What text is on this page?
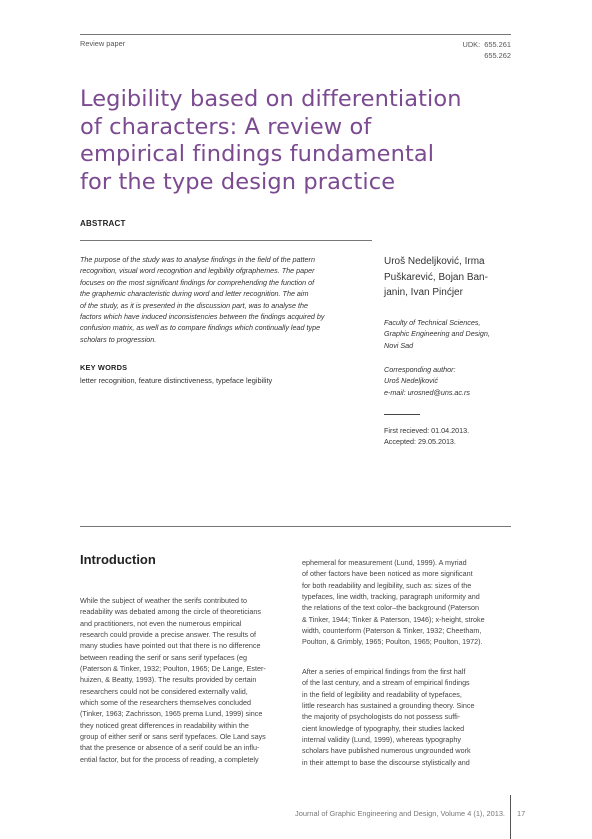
Review paper	UDK: 655.261
655.262
Legibility based on differentiation
of characters: A review of
empirical findings fundamental
for the type design practice
ABSTRACT
The purpose of the study was to analyse findings in the field of the pattern
recognition, visual word recognition and legibility ofgraphemes. The paper
focuses on the most significant findings for comprehending the function of
the graphemic characteristic during word and letter recognition. The aim
of the study, as it is presented in the discussion part, was to analyse the
factors which have induced inconsistencies between the findings acquired by
confusion matrix, as well as to compare findings which continually lead type
scholars to progression.
KEY WORDS
letter recognition, feature distinctiveness, typeface legibility
Uroš Nedeljković, Irma
Puškarević, Bojan Ban-
janin, Ivan Pinćjer
Faculty of Technical Sciences,
Graphic Engineering and Design,
Novi Sad
Corresponding author:
Uroš Nedeljković
e-mail: urosned@uns.ac.rs
First recieved: 01.04.2013.
Accepted: 29.05.2013.
Introduction
While the subject of weather the serifs contributed to
readability was debated among the circle of theoreticians
and practitioners, not even the numerous empirical
research could provide a precise answer. The results of
many studies have pointed out that there is no difference
between reading the serif or sans serif typefaces (eg
(Paterson & Tinker, 1932; Poulton, 1965; De Lange, Ester-
huizen, & Beatty, 1993). The results provided by certain
researchers could not be considered externally valid,
which some of the researchers themselves concluded
(Tinker, 1963; Zachrisson, 1965 prema Lund, 1999) since
they noticed great differences in readability within the
group of either serif or sans serif typefaces. Ole Land says
that the presence or absence of a serif could be an influ-
ential factor, but for the process of reading, a completely
ephemeral for measurement (Lund, 1999). A myriad
of other factors have been noticed as more significant
for both readability and legibility, such as: sizes of the
typefaces, line width, tracking, paragraph uniformity and
the relations of the text color–the background (Paterson
& Tinker, 1944; Tinker & Paterson, 1946); x-height, stroke
width, counterform (Paterson & Tinker, 1932; Cheetham,
Poulton, & Grimbly, 1965; Poulton, 1965; Poulton, 1972).
After a series of empirical findings from the first half
of the last century, and a stream of empirical findings
in the field of legibility and readability of typefaces,
little research has sustained a grounding theory. Since
the majority of psychologists do not possess suffi-
cient knowledge of typography, their studies lacked
internal validity (Lund, 1999), whereas typography
scholars have published numerous ungrounded work
in their attempt to base the discourse stylistically and
Journal of Graphic Engineering and Design, Volume 4 (1), 2013. 17
